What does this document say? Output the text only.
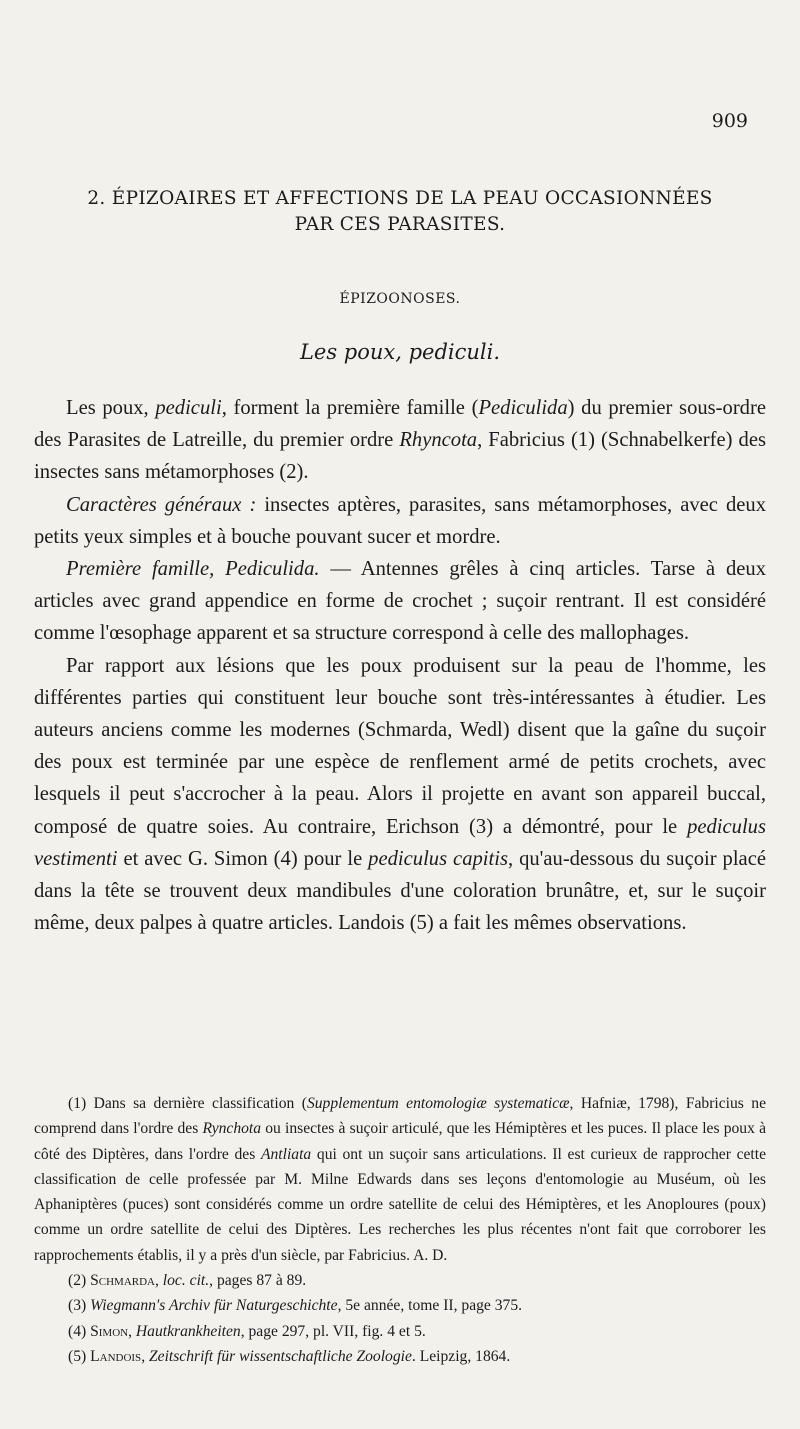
909
2. ÉPIZOAIRES ET AFFECTIONS DE LA PEAU OCCASIONNÉES
PAR CES PARASITES.
ÉPIZOONOSES.
Les poux, pediculi.

Les poux, pediculi, forment la première famille (Pediculida) du premier sous-ordre des Parasites de Latreille, du premier ordre Rhyncota, Fabricius (1) (Schnabelkerfe) des insectes sans métamorphoses (2).

Caractères généraux : insectes aptères, parasites, sans métamorphoses, avec deux petits yeux simples et à bouche pouvant sucer et mordre.

Première famille, Pediculida. — Antennes grêles à cinq articles. Tarse à deux articles avec grand appendice en forme de crochet ; suçoir rentrant. Il est considéré comme l'œsophage apparent et sa structure correspond à celle des mallophages.

Par rapport aux lésions que les poux produisent sur la peau de l'homme, les différentes parties qui constituent leur bouche sont très-intéressantes à étudier. Les auteurs anciens comme les modernes (Schmarda, Wedl) disent que la gaîne du suçoir des poux est terminée par une espèce de renflement armé de petits crochets, avec lesquels il peut s'accrocher à la peau. Alors il projette en avant son appareil buccal, composé de quatre soies. Au contraire, Erichson (3) a démontré, pour le pediculus vestimenti et avec G. Simon (4) pour le pediculus capitis, qu'au-dessous du suçoir placé dans la tête se trouvent deux mandibules d'une coloration brunâtre, et, sur le suçoir même, deux palpes à quatre articles. Landois (5) a fait les mêmes observations.

(1) Dans sa dernière classification (Supplementum entomologiæ systematicæ, Hafniæ, 1798), Fabricius ne comprend dans l'ordre des Rynchota ou insectes à suçoir articulé, que les Hémiptères et les puces. Il place les poux à côté des Diptères, dans l'ordre des Antliata qui ont un suçoir sans articulations. Il est curieux de rapprocher cette classification de celle professée par M. Milne Edwards dans ses leçons d'entomologie au Muséum, où les Aphaniptères (puces) sont considérés comme un ordre satellite de celui des Hémiptères, et les Anoploures (poux) comme un ordre satellite de celui des Diptères. Les recherches les plus récentes n'ont fait que corroborer les rapprochements établis, il y a près d'un siècle, par Fabricius. A. D.

(2) Schmarda, loc. cit., pages 87 à 89.

(3) Wiegmann's Archiv für Naturgeschichte, 5e année, tome II, page 375.

(4) Simon, Hautkrankheiten, page 297, pl. VII, fig. 4 et 5.

(5) Landois, Zeitschrift für wissentschaftliche Zoologie. Leipzig, 1864.
